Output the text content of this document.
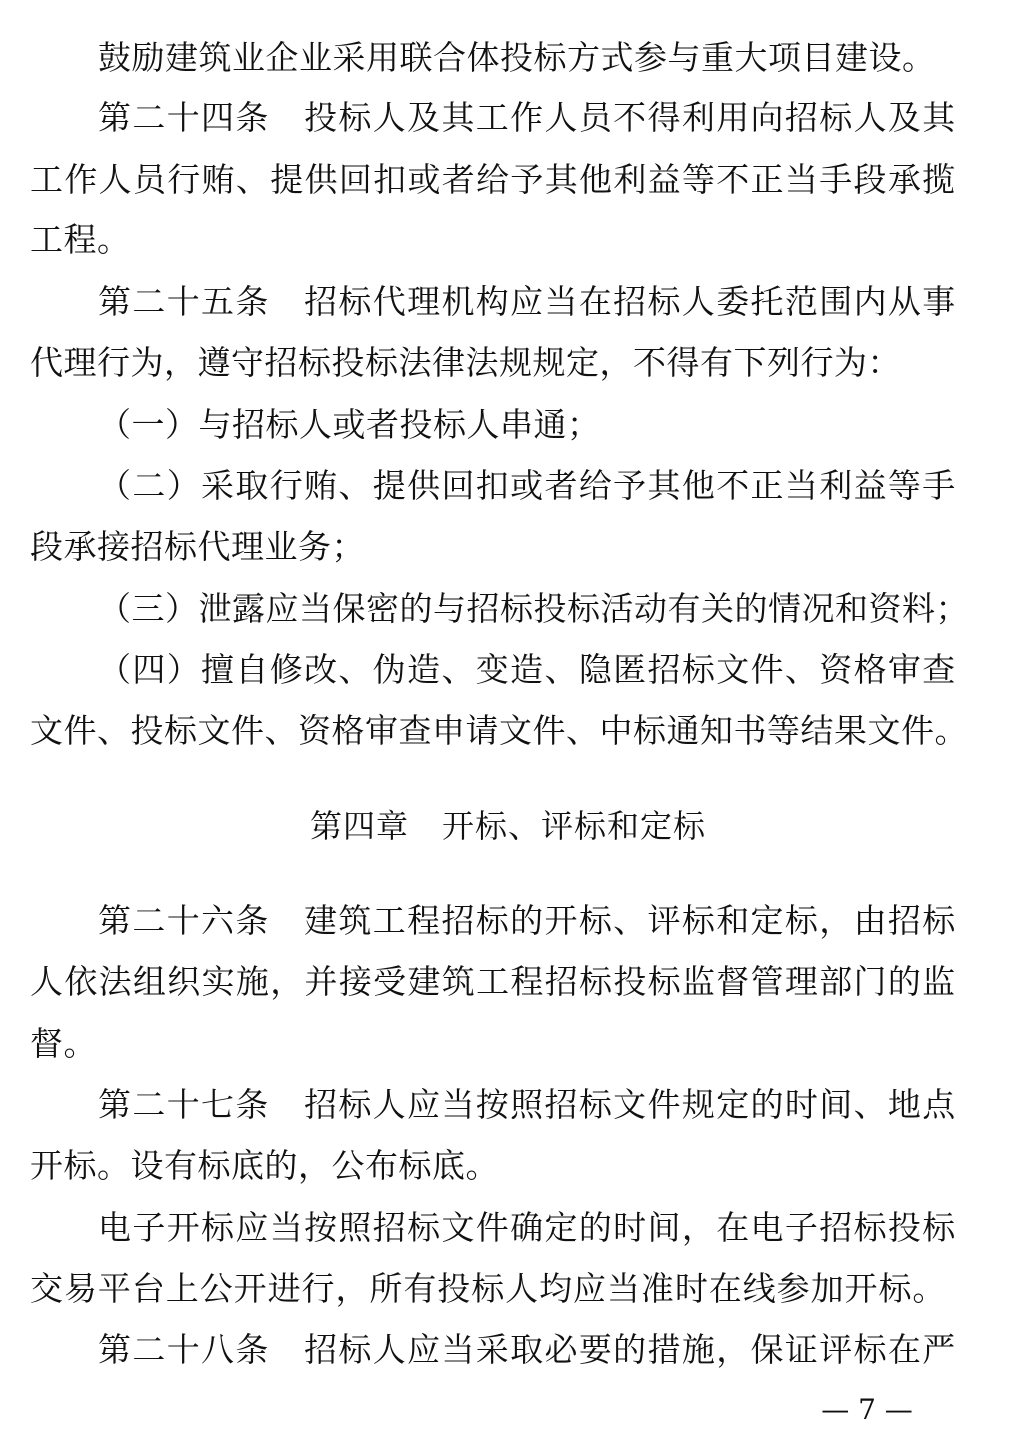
鼓励建筑业企业采用联合体投标方式参与重大项目建设。
第 二 十 四 条
　 投 标 人 及 其 工 作 人 员 不 得 利 用 向 招 标 人 及 其
工 作 人 员 行 贿 、 提 供 回 扣 或 者 给 予 其 他 利 益 等 不 正 当 手 段 承 揽
工程。
第 二 十 五 条
　 招 标 代 理 机 构 应 当 在 招 标 人 委 托 范 围 内 从 事
代理行为，遵守招标投标法律法规规定，不得有下列行为：
（一）与招标人或者投标人串通；
（ 二 ） 采 取 行 贿 、 提 供 回 扣 或 者 给 予 其 他 不 正 当 利 益 等 手
段承接招标代理业务；
（ 三 ） 泄 露 应 当 保 密 的 与 招 标 投 标 活 动 有 关 的 情 况 和 资 料 ；
（ 四 ） 擅 自 修 改 、 伪 造 、 变 造 、 隐 匿 招 标 文 件 、 资 格 审 查
文 件 、 投 标 文 件 、 资 格 审 查 申 请 文 件 、 中 标 通 知 书 等 结 果 文 件 。
第四章　开标、评标和定标
第 二 十 六 条
　 建 筑 工 程 招 标 的 开 标 、 评 标 和 定 标 ， 由 招 标
人 依 法 组 织 实 施 ， 并 接 受 建 筑 工 程 招 标 投 标 监 督 管 理 部 门 的 监
督。
第 二 十 七 条
　 招 标 人 应 当 按 照 招 标 文 件 规 定 的 时 间 、 地 点
开标。设有标底的，公布标底。
电 子 开 标 应 当 按 照 招 标 文 件 确 定 的 时 间 ， 在 电 子 招 标 投 标
交 易 平 台 上 公 开 进 行 ， 所 有 投 标 人 均 应 当 准 时 在 线 参 加 开 标 。
第 二 十 八 条
　 招 标 人 应 当 采 取 必 要 的 措 施 ， 保 证 评 标 在 严
— 7 —
